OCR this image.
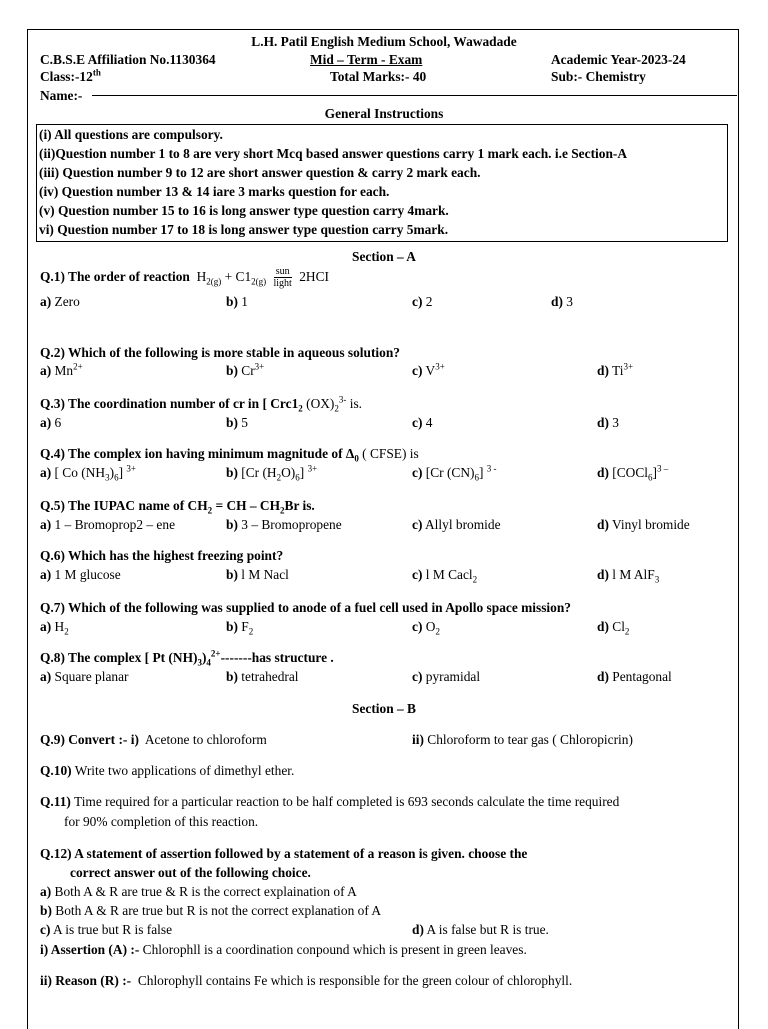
L.H. Patil English Medium School, Wawadade
C.B.S.E Affiliation No.1130364	Mid – Term - Exam	Academic Year-2023-24
Class:-12th	Total Marks:- 40	Sub:- Chemistry
Name:-
General Instructions
(i) All questions are compulsory.
(ii)Question number 1 to 8 are very short Mcq based answer questions carry 1 mark each. i.e Section-A
(iii) Question number 9 to 12 are short answer question & carry 2 mark each.
(iv) Question number 13 & 14 iare 3 marks question for each.
(v) Question number 15 to 16 is long answer type question carry 4mark.
vi) Question number 17 to 18 is long answer type question carry 5mark.
Section – A
Q.1) The order of reaction  $H_{2(g)} + C1_{2(g)} \frac{\text{sun}}{\text{light}} 2HCI$
a) Zero	b) 1	c) 2	d) 3
Q.2) Which of the following is more stable in aqueous solution?
a) $Mn^{2+}$	b) $Cr^{3+}$	c) $V^{3+}$	d) $Ti^{3+}$
Q.3) The coordination number of cr in [ $Crc1_2$ $(OX)_2^{3-}$ is.
a) 6	b) 5	c) 4	d) 3
Q.4) The complex ion having minimum magnitude of $\Delta_0$ ( CFSE) is
a) [ Co $(NH_3)_6$] $^{3+}$	b) [Cr $(H_2O)_6$] $^{3+}$	c) [Cr $(CN)_6$] $^{3 -}$	d) [COCl$_6$]$^{3 -}$
Q.5) The IUPAC name of $CH_2$ = CH – $CH_2Br$ is.
a) 1 – Bromoprop2 – ene	b) 3 – Bromopropene	c) Allyl bromide	d) Vinyl bromide
Q.6) Which has the highest freezing point?
a) 1 M glucose	b) l M Nacl	c) l M Cacl$_2$	d) l M AlF$_3$
Q.7) Which of the following was supplied to anode of a fuel cell used in Apollo space mission?
a) $H_2$	b) $F_2$	c) $O_2$	d) $Cl_2$
Q.8) The complex [ Pt $(NH)_3)_4^{2+}------$-has structure .
a) Square planar	b) tetrahedral	c) pyramidal	d) Pentagonal
Section – B
Q.9) Convert :- i) Acetone to chloroform	ii) Chloroform to tear gas ( Chloropicrin)
Q.10) Write two applications of dimethyl ether.
Q.11) Time required for a particular reaction to be half completed is 693 seconds calculate the time required
for 90% completion of this reaction.
Q.12) A statement of assertion followed by a statement of a reason is given. choose the
correct answer out of the following choice.
a) Both A & R are true & R is the correct explaination of A
b) Both A & R are true but R is not the correct explanation of A
c) A is true but R is false	d) A is false but R is true.
i) Assertion (A) :- Chlorophll is a coordination conpound which is present in green leaves.
ii) Reason (R) :- Chlorophyll contains Fe which is responsible for the green colour of chlorophyll.
